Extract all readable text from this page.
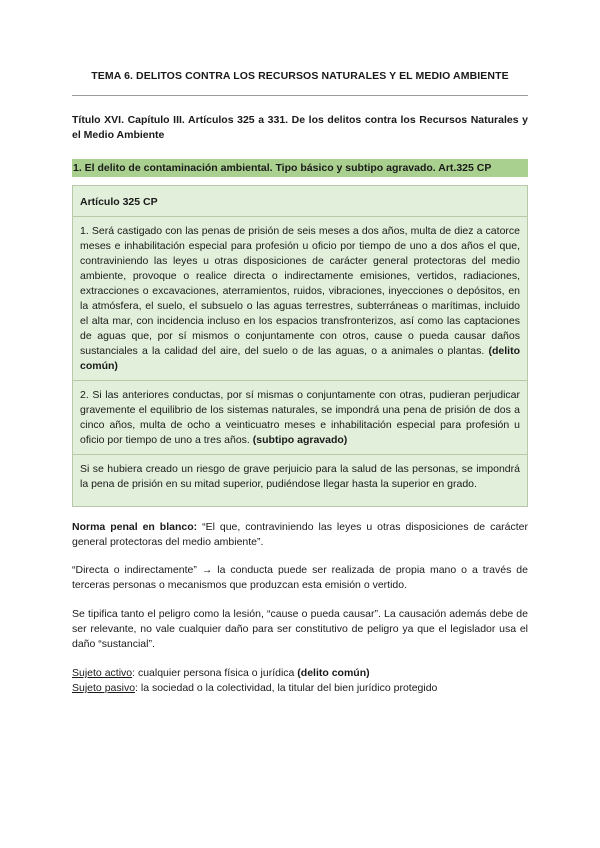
TEMA 6. DELITOS CONTRA LOS RECURSOS NATURALES Y EL MEDIO AMBIENTE
Título XVI. Capítulo III. Artículos 325 a 331. De los delitos contra los Recursos Naturales y el Medio Ambiente
1. El delito de contaminación ambiental. Tipo básico y subtipo agravado. Art.325 CP
Artículo 325 CP

1. Será castigado con las penas de prisión de seis meses a dos años, multa de diez a catorce meses e inhabilitación especial para profesión u oficio por tiempo de uno a dos años el que, contraviniendo las leyes u otras disposiciones de carácter general protectoras del medio ambiente, provoque o realice directa o indirectamente emisiones, vertidos, radiaciones, extracciones o excavaciones, aterramientos, ruidos, vibraciones, inyecciones o depósitos, en la atmósfera, el suelo, el subsuelo o las aguas terrestres, subterráneas o marítimas, incluido el alta mar, con incidencia incluso en los espacios transfronterizos, así como las captaciones de aguas que, por sí mismos o conjuntamente con otros, cause o pueda causar daños sustanciales a la calidad del aire, del suelo o de las aguas, o a animales o plantas. (delito común)

2. Si las anteriores conductas, por sí mismas o conjuntamente con otras, pudieran perjudicar gravemente el equilibrio de los sistemas naturales, se impondrá una pena de prisión de dos a cinco años, multa de ocho a veinticuatro meses e inhabilitación especial para profesión u oficio por tiempo de uno a tres años. (subtipo agravado)

Si se hubiera creado un riesgo de grave perjuicio para la salud de las personas, se impondrá la pena de prisión en su mitad superior, pudiéndose llegar hasta la superior en grado.

Norma penal en blanco: “El que, contraviniendo las leyes u otras disposiciones de carácter general protectoras del medio ambiente”.
“Directa o indirectamente” → la conducta puede ser realizada de propia mano o a través de terceras personas o mecanismos que produzcan esta emisión o vertido.
Se tipifica tanto el peligro como la lesión, “cause o pueda causar”. La causación además debe de ser relevante, no vale cualquier daño para ser constitutivo de peligro ya que el legislador usa el daño “sustancial”.
Sujeto activo: cualquier persona física o jurídica (delito común)
Sujeto pasivo: la sociedad o la colectividad, la titular del bien jurídico protegido
